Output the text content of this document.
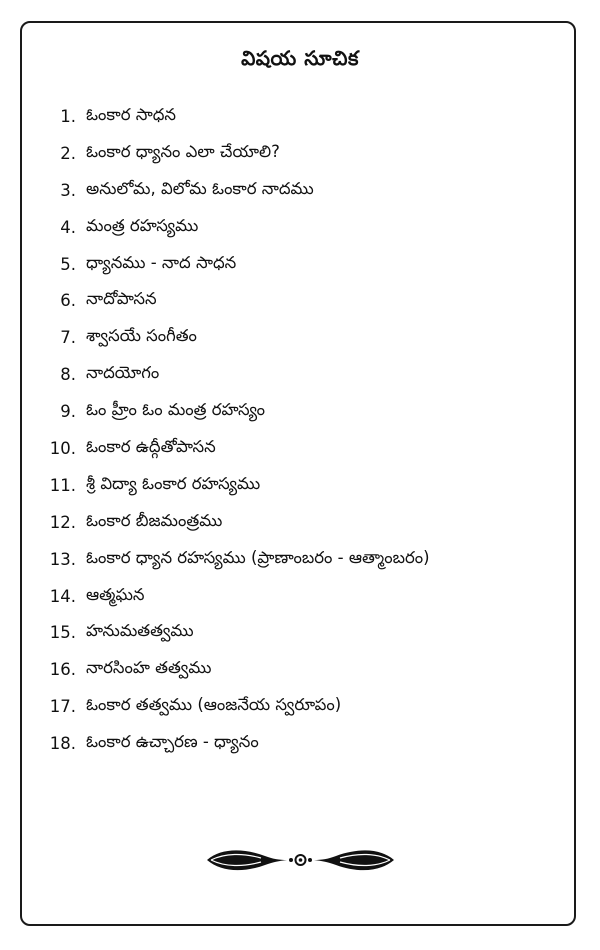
విషయ సూచిక
1. ఓంకార సాధన
2. ఓంకార ధ్యానం ఎలా చేయాలి?
3. అనులోమ, విలోమ ఓంకార నాదము
4. మంత్ర రహస్యము
5. ధ్యానము - నాద సాధన
6. నాదోపాసన
7. శ్వాసయే సంగీతం
8. నాదయోగం
9. ఓం హ్రీం ఓం మంత్ర రహస్యం
10. ఓంకార ఉద్గీతోపాసన
11. శ్రీ విద్యా ఓంకార రహస్యము
12. ఓంకార బీజమంత్రము
13. ఓంకార ధ్యాన రహస్యము (ప్రాణాంబరం - ఆత్మాంబరం)
14. ఆత్మఘన
15. హనుమతత్వము
16. నారసింహ తత్వము
17. ఓంకార తత్వము (ఆంజనేయ స్వరూపం)
18. ఓంకార ఉచ్చారణ - ధ్యానం
